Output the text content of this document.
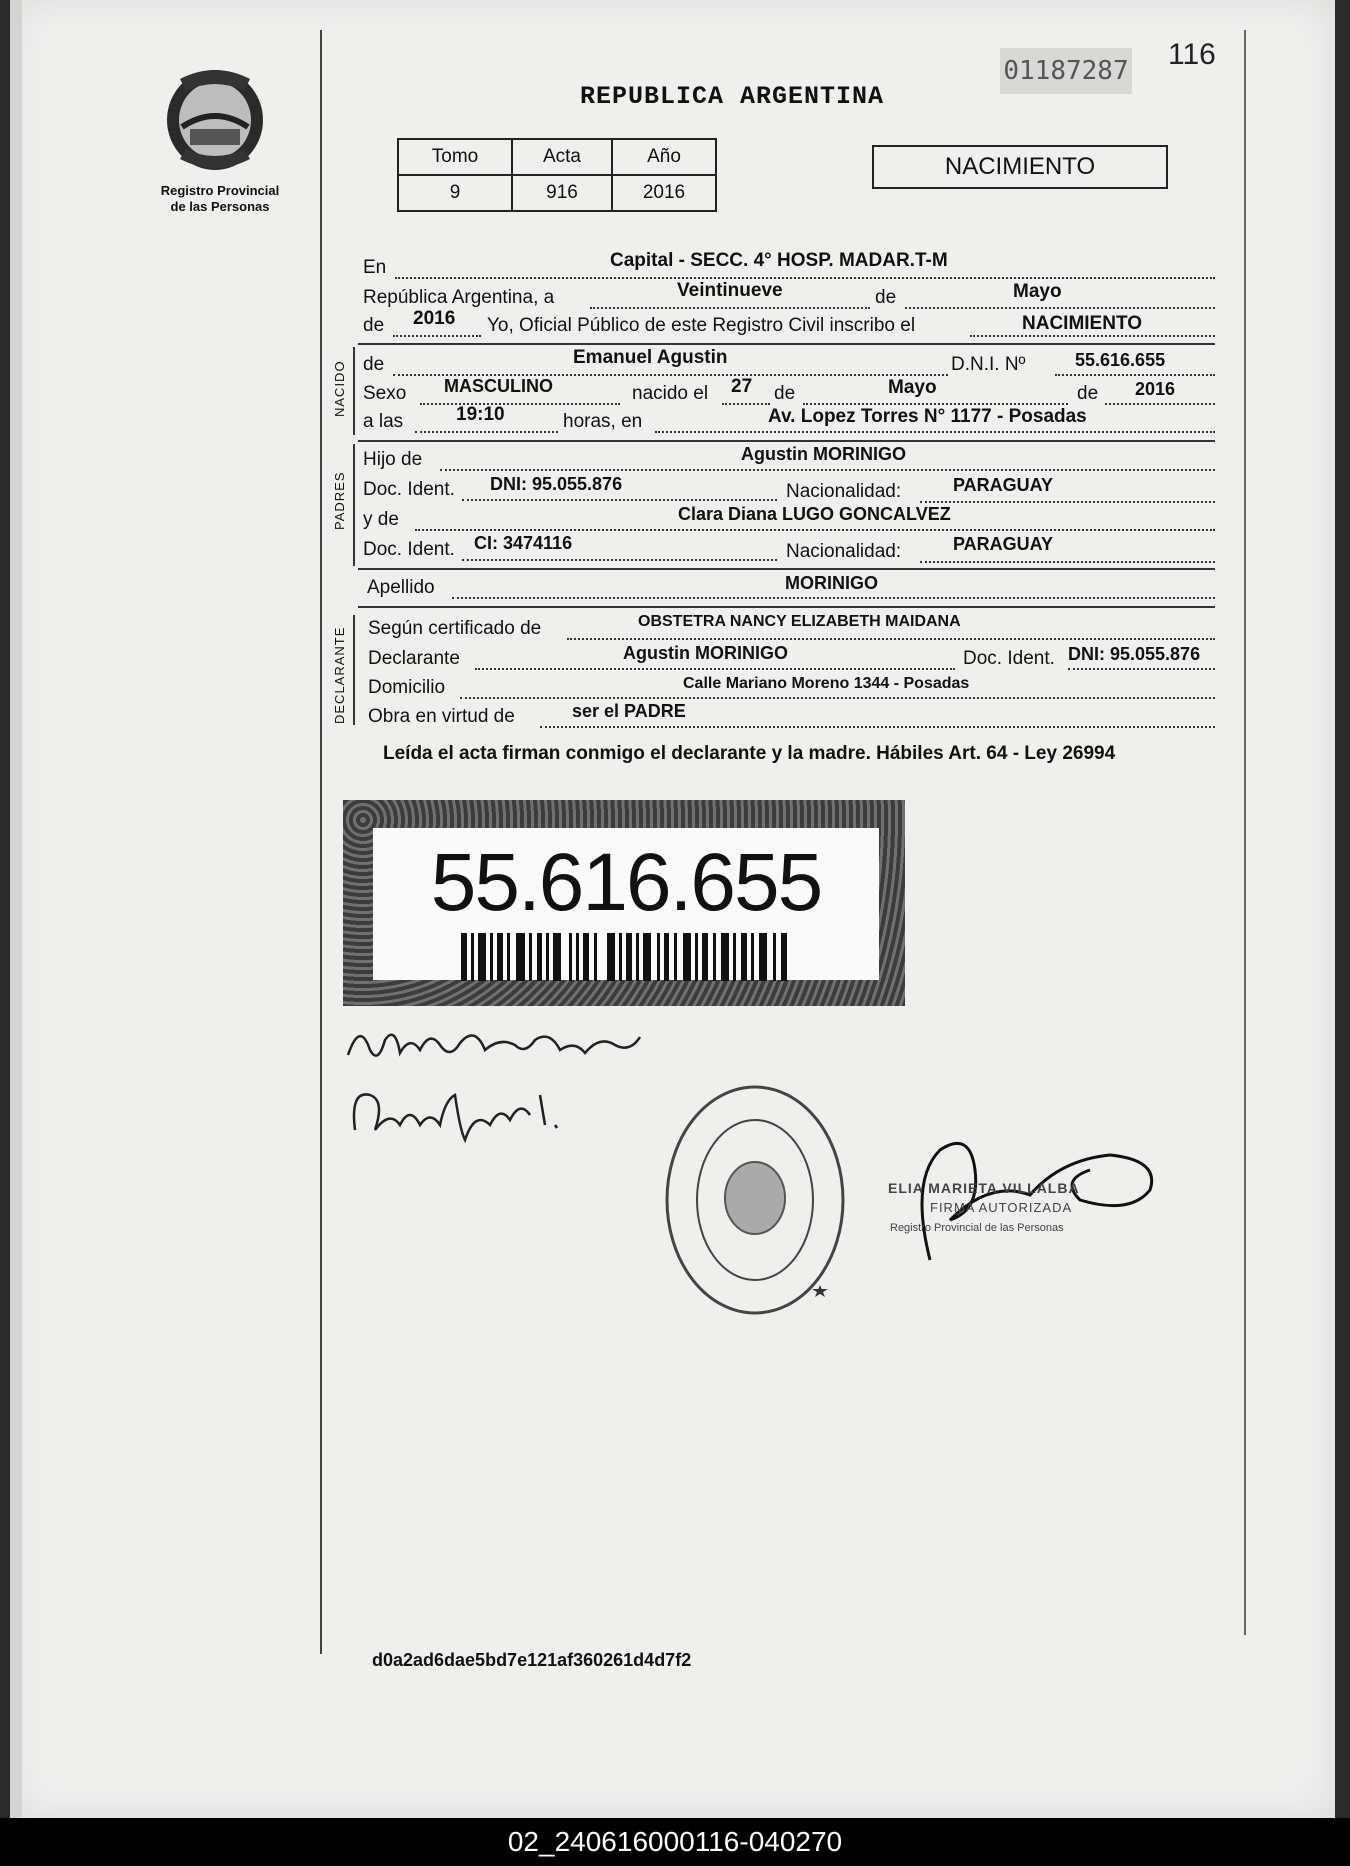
Registro Provincial
de las Personas
01187287 116
REPUBLICA ARGENTINA
Tomo	Acta	Año
9	916	2016
NACIMIENTO
En	Capital - SECC. 4° HOSP. MADAR.T-M
República Argentina, a	Veintinueve	de	Mayo
de 2016 Yo, Oficial Público de este Registro Civil inscribo el	NACIMIENTO
NACIDO de	Emanuel Agustin	D.N.I. Nº	55.616.655
Sexo MASCULINO	nacido el 27 de	Mayo	de 2016
a las	19:10	horas, en	Av. Lopez Torres N° 1177 - Posadas
PADRES
Hijo de	Agustin MORINIGO
Doc. Ident. DNI: 95.055.876	Nacionalidad:	PARAGUAY
y de	Clara Diana LUGO GONCALVEZ
Doc. Ident. CI: 3474116	Nacionalidad:	PARAGUAY
Apellido	MORINIGO
DECLARANTE Según certificado de	OBSTETRA NANCY ELIZABETH MAIDANA
Declarante	Agustin MORINIGO	Doc. Ident. DNI: 95.055.876
Domicilio	Calle Mariano Moreno 1344 - Posadas
Obra en virtud de	ser el PADRE
Leída el acta firman conmigo el declarante y la madre. Hábiles Art. 64 - Ley 26994
55.616.655
ELIA MARIETA VILLALBA
FIRMA AUTORIZADA
Registro Provincial de las Personas
d0a2ad6dae5bd7e121af360261d4d7f2
02_240616000116-040270
